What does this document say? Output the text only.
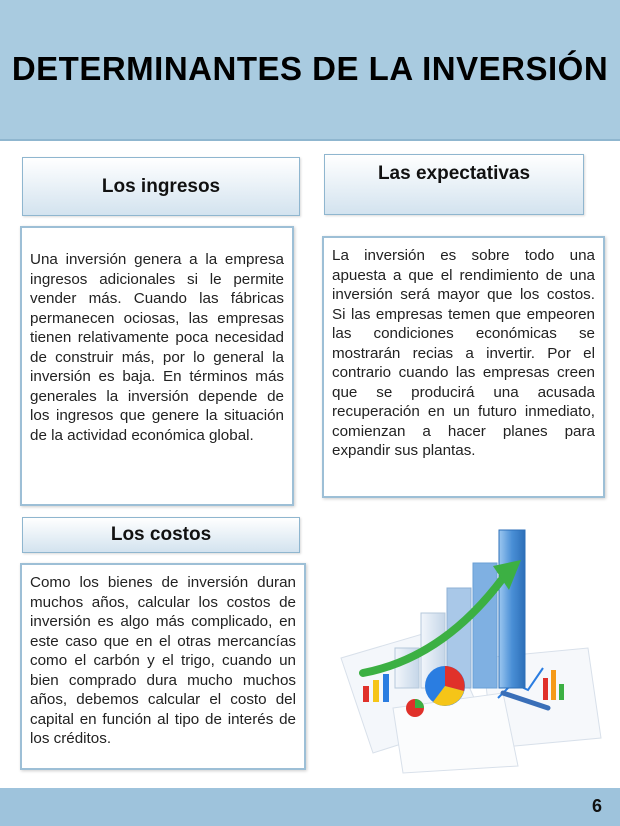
DETERMINANTES DE LA INVERSIÓN
Los ingresos
Una inversión genera a la empresa ingresos adicionales si le permite vender más. Cuando las fábricas permanecen ociosas, las empresas tienen relativamente poca necesidad de construir más, por lo general la inversión es baja. En términos más generales la inversión depende de los ingresos que genere la situación de la actividad económica global.
Los costos
Como los bienes de inversión duran muchos años, calcular los costos de inversión es algo más complicado, en este caso que en el otras mercancías como el carbón y el trigo, cuando un bien comprado dura mucho muchos años, debemos calcular el costo del capital en función al tipo de interés de los créditos.
Las expectativas
La inversión es sobre todo una apuesta a que el rendimiento de una inversión será mayor que los costos. Si las empresas temen que empeoren las condiciones económicas se mostrarán recias a invertir. Por el contrario cuando las empresas creen que se producirá una acusada recuperación en un futuro inmediato, comienzan a hacer planes para expandir sus plantas.
6
